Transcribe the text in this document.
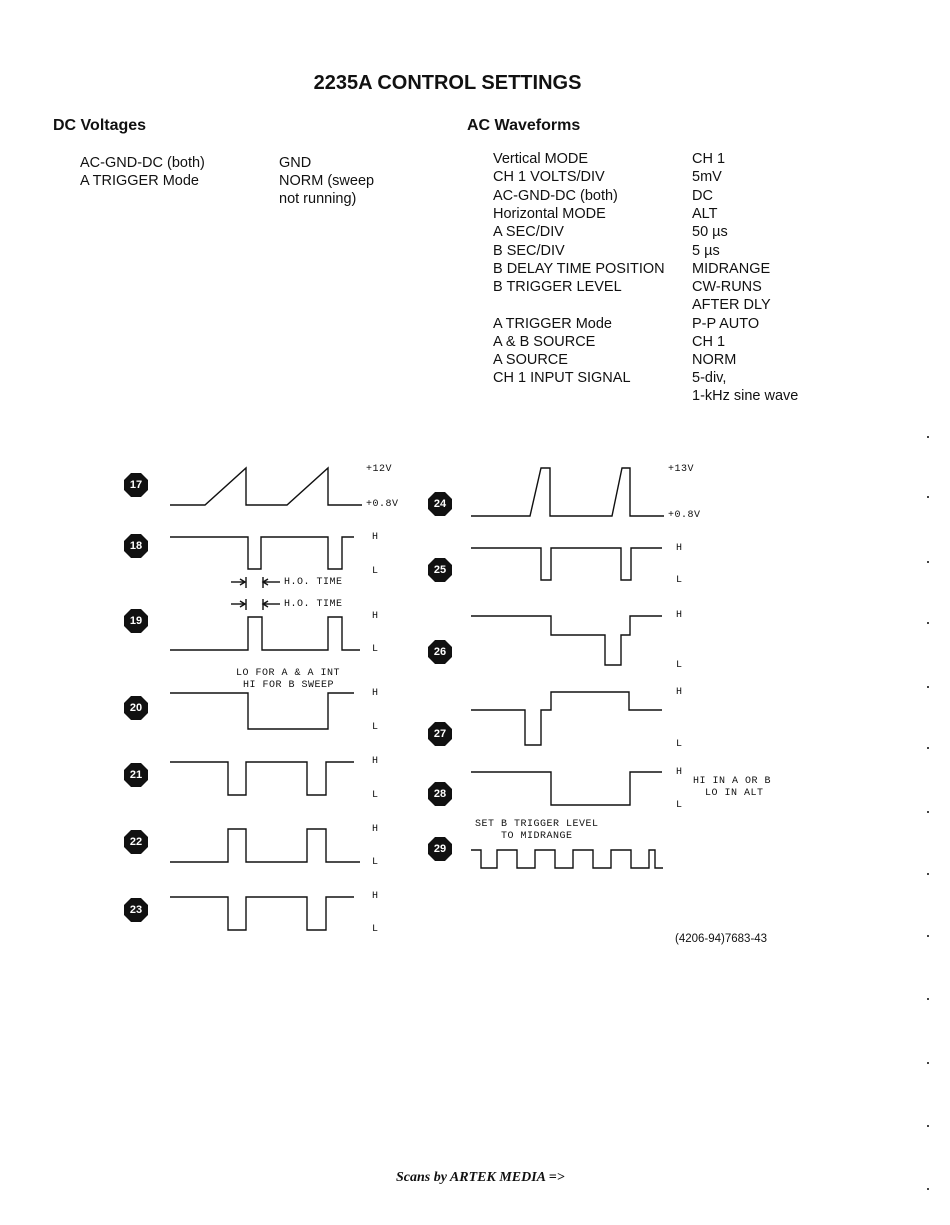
2235A CONTROL SETTINGS
DC Voltages
AC-GND-DC (both)	GND
A TRIGGER Mode	NORM (sweep
not running)
AC Waveforms
Vertical MODE	CH 1
CH 1 VOLTS/DIV	5mV
AC-GND-DC (both)	DC
Horizontal MODE	ALT
A SEC/DIV	50 µs
B SEC/DIV	5 µs
B DELAY TIME POSITION MIDRANGE
B TRIGGER LEVEL	CW-RUNS
AFTER DLY
A TRIGGER Mode	P-P AUTO
A & B SOURCE	CH 1
A SOURCE	NORM
CH 1 INPUT SIGNAL	5-div,
1-kHz sine wave
17
18
19
20
21
22
23
24
25
26
27
28
29
+12V
+0.8V
H
L
H.O. TIME
H.O. TIME
H
L
LO FOR A & A INT
HI FOR B SWEEP
H
L
H
L
H
L
H
L
+13V
+0.8V
H
L
H
L
H
L
H
L
HI IN A OR B
LO IN ALT
SET B TRIGGER LEVEL
TO MIDRANGE
(4206-94)7683-43
Scans by ARTEK MEDIA =>
